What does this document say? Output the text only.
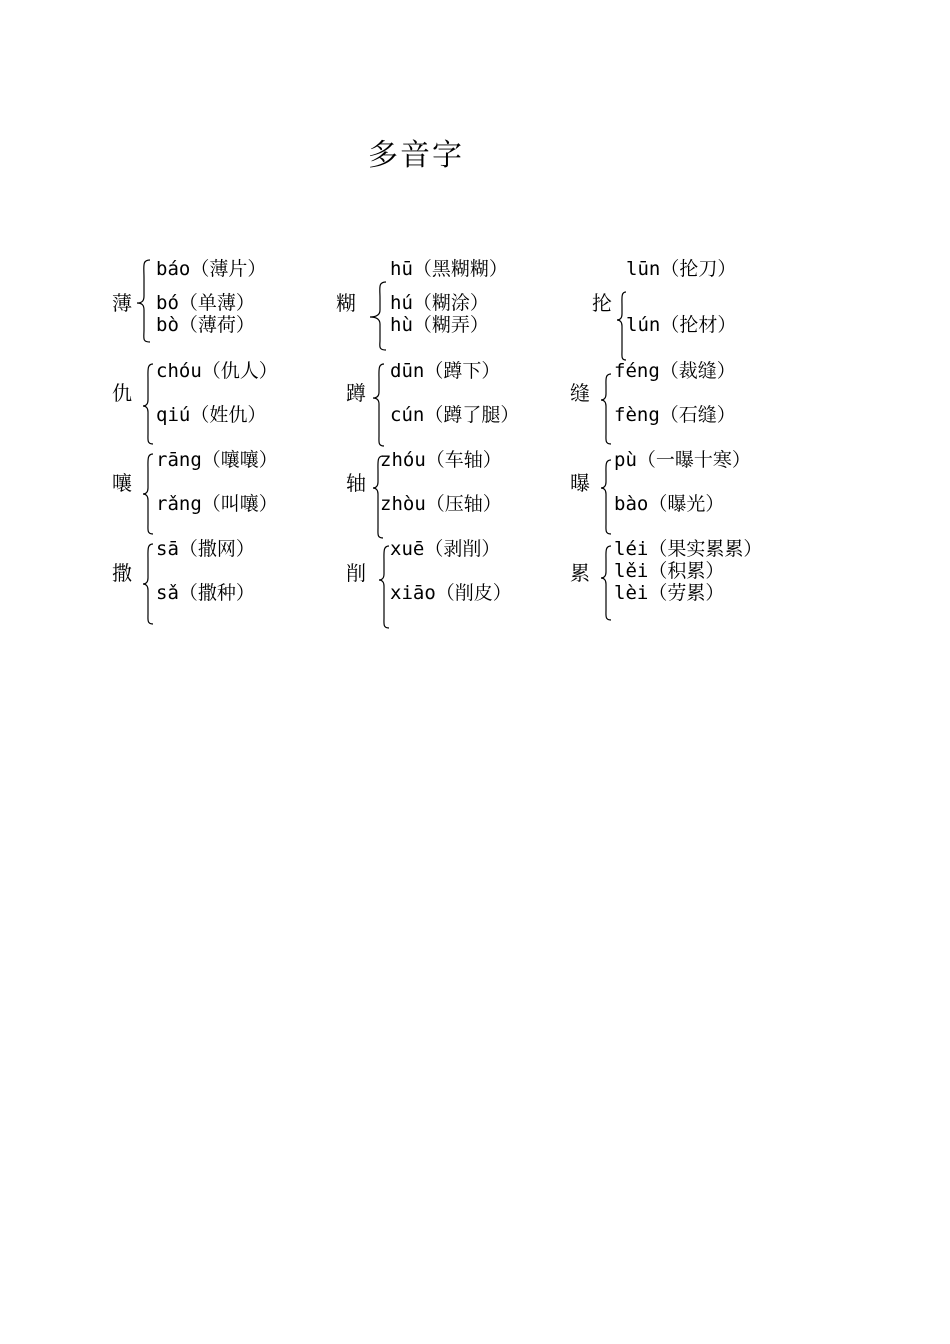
多音字
薄
báo（薄片）
bó（单薄）
bò（薄荷）
糊
hū（黑糊糊）
hú（糊涂）
hù（糊弄）
抡
lūn（抡刀）
lún（抡材）
仇
chóu（仇人）
qiú（姓仇）
蹲
dūn（蹲下）
cún（蹲了腿）
缝
féng（裁缝）
fèng（石缝）
嚷
rāng（嚷嚷）
rǎng（叫嚷）
轴
zhóu（车轴）
zhòu（压轴）
曝
pù（一曝十寒）
bào（曝光）
撒
sā（撒网）
sǎ（撒种）
削
xuē（剥削）
xiāo（削皮）
累
léi（果实累累）
lěi（积累）
lèi（劳累）
